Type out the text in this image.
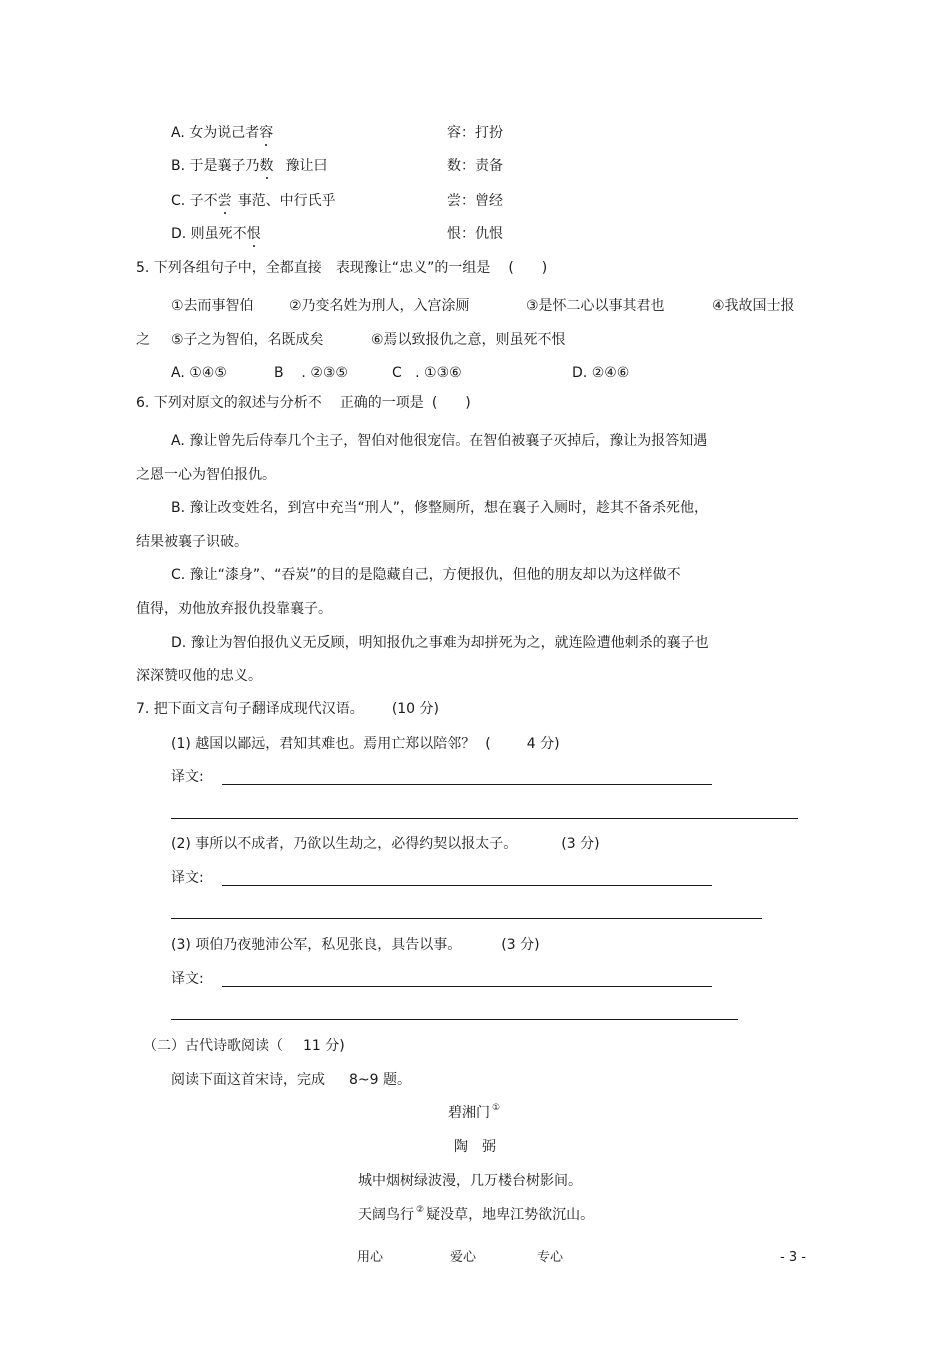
A. 女为说己者容	容：打扮
B. 于是襄子乃数 豫让曰	数：责备
C. 子不尝 事范、中行氏乎	尝：曾经
D. 则虽死不恨	恨：仇恨
5. 下列各组句子中，全都直接 表现豫让“忠义”的一组是 (　　)
①去而事智伯	②乃变名姓为刑人，入宫涂厕	③是怀二心以事其君也	④我故国士报
之 ⑤子之为智伯，名既成矣	⑥焉以致报仇之意，则虽死不恨
A. ①④⑤	B . ②③⑤	C . ①③⑥	D. ②④⑥
6. 下列对原文的叙述与分析不 正确的一项是 (　　)
A. 豫让曾先后侍奉几个主子，智伯对他很宠信。在智伯被襄子灭掉后，豫让为报答知遇
之恩一心为智伯报仇。
B. 豫让改变姓名，到宫中充当“刑人”，修整厕所，想在襄子入厕时，趁其不备杀死他，
结果被襄子识破。
C. 豫让“漆身”、“吞炭”的目的是隐藏自己，方便报仇，但他的朋友却以为这样做不
值得，劝他放弃报仇投靠襄子。
D. 豫让为智伯报仇义无反顾，明知报仇之事难为却拼死为之，就连险遭他刺杀的襄子也
深深赞叹他的忠义。
7. 把下面文言句子翻译成现代汉语。 (10 分)
(1) 越国以鄙远，君知其难也。焉用亡郑以陪邻？ (	4 分)
译文:
(2) 事所以不成者，乃欲以生劫之，必得约契以报太子。	(3 分)
译文:
(3) 项伯乃夜驰沛公军，私见张良，具告以事。	(3 分)
译文:
（二）古代诗歌阅读（ 11 分)
阅读下面这首宋诗，完成 8~9 题。
碧湘门 ①
陶　弼
城中烟树绿波漫，几万楼台树影间。
天阔鸟行 ② 疑没草，地卑江势欲沉山。
用心	爱心	专心	- 3 -
